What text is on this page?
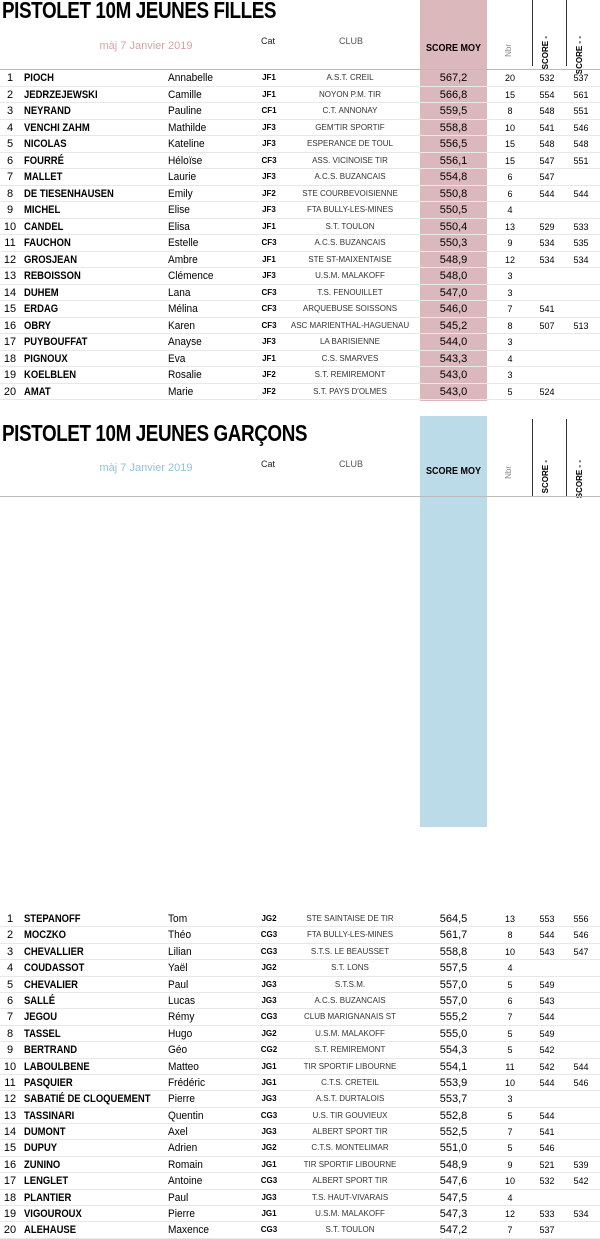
PISTOLET 10M JEUNES FILLES
màj 7 Janvier 2019	Cat	CLUB
SCORE MOY	Nbr	SCORE -	SCORE - -
1 PIOCH	Annabelle	JF1	A.S.T. CREIL	567,2	20	532	537
2 JEDRZEJEWSKI	Camille	JF1	NOYON P.M. TIR	566,8	15	554	561
3 NEYRAND	Pauline	CF1	C.T. ANNONAY	559,5	8	548	551
4 VENCHI ZAHM	Mathilde	JF3	GEM'TIR SPORTIF	558,8	10	541	546
5 NICOLAS	Kateline	JF3	ESPERANCE DE TOUL	556,5	15	548	548
6 FOURRÉ	Héloïse	CF3	ASS. VICINOISE TIR	556,1	15	547	551
7 MALLET	Laurie	JF3	A.C.S. BUZANCAIS	554,8	6	547
8 DE TIESENHAUSEN	Emily	JF2	STE COURBEVOISIENNE	550,8	6	544	544
9 MICHEL	Elise	JF3	FTA BULLY-LES-MINES	550,5	4
10 CANDEL	Elisa	JF1	S.T. TOULON	550,4	13	529	533
11 FAUCHON	Estelle	CF3	A.C.S. BUZANCAIS	550,3	9	534	535
12 GROSJEAN	Ambre	JF1	STE ST-MAIXENTAISE	548,9	12	534	534
13 REBOISSON	Clémence	JF3	U.S.M. MALAKOFF	548,0	3
14 DUHEM	Lana	CF3	T.S. FENOUILLET	547,0	3
15 ERDAG	Mélina	CF3	ARQUEBUSE SOISSONS	546,0	7	541
16 OBRY	Karen	CF3	ASC MARIENTHAL-HAGUENAU	545,2	8	507	513
17 PUYBOUFFAT	Anayse	JF3	LA BARISIENNE	544,0	3
18 PIGNOUX	Eva	JF1	C.S. SMARVES	543,3	4
19 KOELBLEN	Rosalie	JF2	S.T. REMIREMONT	543,0	3
20 AMAT	Marie	JF2	S.T. PAYS D'OLMES	543,0	5	524
PISTOLET 10M JEUNES GARÇONS
màj 7 Janvier 2019	Cat	CLUB
SCORE MOY	Nbr	SCORE -	SCORE - -
1 STEPANOFF	Tom	JG2	STE SAINTAISE DE TIR	564,5	13	553	556
2 MOCZKO	Théo	CG3	FTA BULLY-LES-MINES	561,7	8	544	546
3 CHEVALLIER	Lilian	CG3	S.T.S. LE BEAUSSET	558,8	10	543	547
4 COUDASSOT	Yaël	JG2	S.T. LONS	557,5	4
5 CHEVALIER	Paul	JG3	S.T.S.M.	557,0	5	549
6 SALLÉ	Lucas	JG3	A.C.S. BUZANCAIS	557,0	6	543
7 JEGOU	Rémy	CG3	CLUB MARIGNANAIS ST	555,2	7	544
8 TASSEL	Hugo	JG2	U.S.M. MALAKOFF	555,0	5	549
9 BERTRAND	Géo	CG2	S.T. REMIREMONT	554,3	5	542
10 LABOULBENE	Matteo	JG1	TIR SPORTIF LIBOURNE	554,1	11	542	544
11 PASQUIER	Frédéric	JG1	C.T.S. CRETEIL	553,9	10	544	546
12 SABATIÉ DE CLOQUEMENT Pierre	JG3	A.S.T. DURTALOIS	553,7	3
13 TASSINARI	Quentin	CG3	U.S. TIR GOUVIEUX	552,8	5	544
14 DUMONT	Axel	JG3	ALBERT SPORT TIR	552,5	7	541
15 DUPUY	Adrien	JG2	C.T.S. MONTELIMAR	551,0	5	546
16 ZUNINO	Romain	JG1	TIR SPORTIF LIBOURNE	548,9	9	521	539
17 LENGLET	Antoine	CG3	ALBERT SPORT TIR	547,6	10	532	542
18 PLANTIER	Paul	JG3	T.S. HAUT-VIVARAIS	547,5	4
19 VIGOUROUX	Pierre	JG1	U.S.M. MALAKOFF	547,3	12	533	534
20 ALEHAUSE	Maxence	CG3	S.T. TOULON	547,2	7	537
